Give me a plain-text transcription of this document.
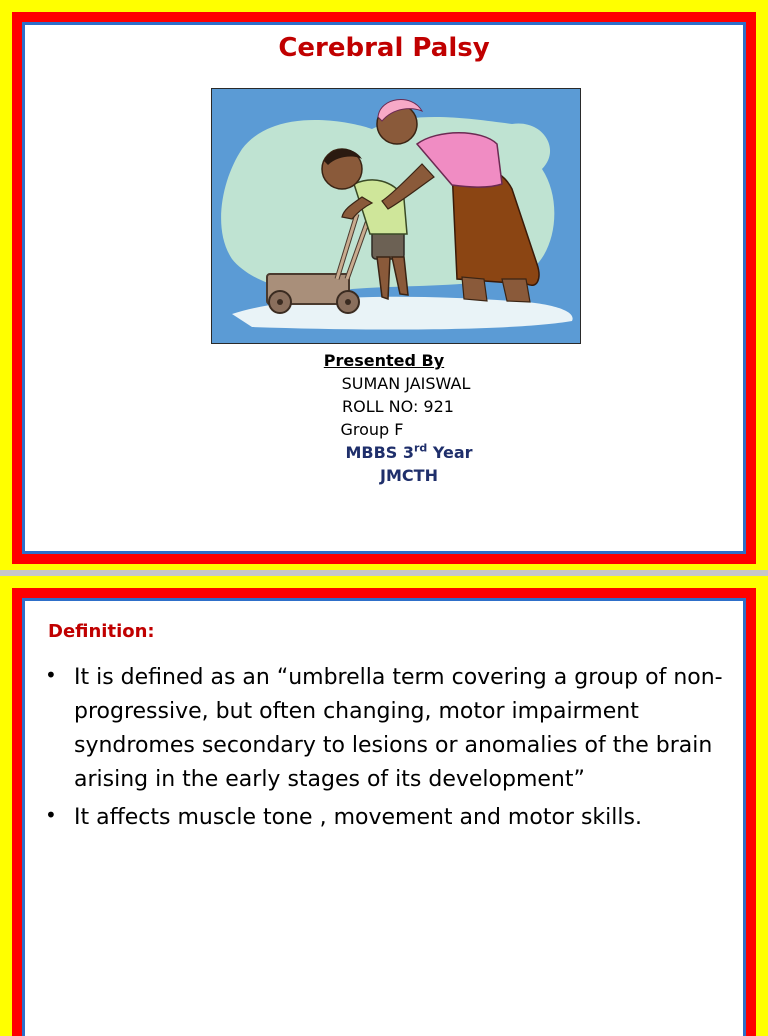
Cerebral Palsy
Presented By
SUMAN JAISWAL
ROLL NO: 921
Group F
MBBS 3rd Year
JMCTH
Definition:
• It is defined as an “umbrella term covering a group of non-progressive, but often changing, motor impairment syndromes secondary to lesions or anomalies of the brain arising in the early stages of its development”
• It affects muscle tone , movement and motor skills.
